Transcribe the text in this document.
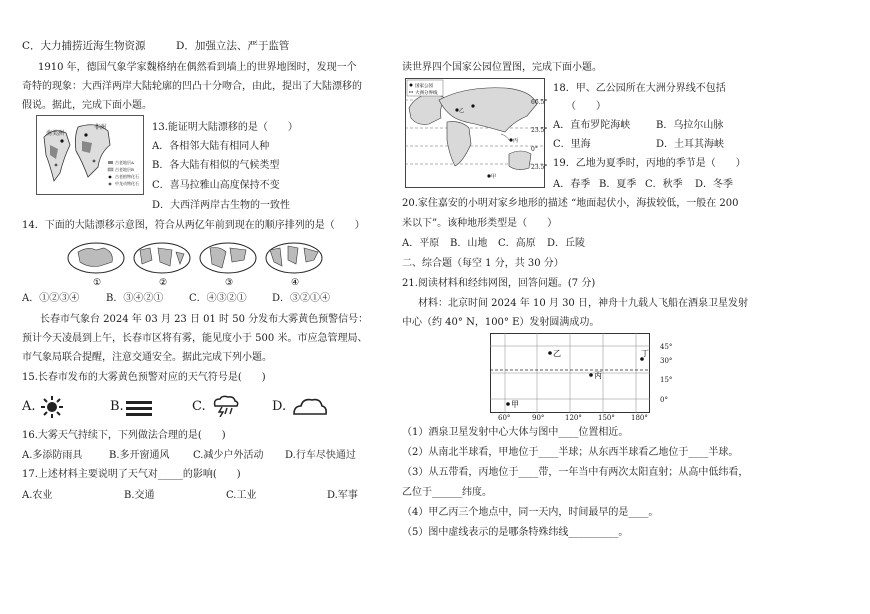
C．大力捕捞近海生物资源	D．加强立法、严于监管
1910 年，德国气象学家魏格纳在偶然看到墙上的世界地图时，发现一个
奇特的现象：大西洋两岸大陆轮廓的凹凸十分吻合，由此，提出了大陆漂移的
假说。据此，完成下面小题。
南美洲
非洲
古老地层A
古老地层B
古老植物化石
中龙动物化石
13.能证明大陆漂移的是（　　）
A．各相邻大陆有相同人种
B．各大陆有相似的气候类型
C．喜马拉雅山高度保持不变
D．大西洋两岸古生物的一致性
14．下面的大陆漂移示意图，符合从两亿年前到现在的顺序排列的是（　　）
①	②	③	④
A．①②③④	B．③④②①	C．④③②①	D．③②①④
长春市气象台 2024 年 03 月 23 日 01 时 50 分发布大雾黄色预警信号：
预计今天凌晨到上午，长春市区将有雾，能见度小于 500 米。市应急管理局、
市气象局联合提醒，注意交通安全。据此完成下列小题。
15.长春市发布的大雾黄色预警对应的天气符号是(　　)
A.	B.	C.	D.
16.大雾天气持续下，下列做法合理的是(　　)
A.多添防雨具	B.多开窗通风 C.减少户外活动 D.行车尽快通过
17.上述材料主要说明了天气对_____的影响(　　)
A.农业	B.交通	C.工业	D.军事
读世界四个国家公园位置图，完成下面小题。
国家公园
大洲分界线
乙
丙
甲
66.5°
23.5°
0°
23.5°
18．甲、乙公园所在大洲分界线不包括
（　　）
A．直布罗陀海峡	B．乌拉尔山脉
C．里海	D．土耳其海峡
19．乙地为夏季时，丙地的季节是（　　）
A．春季 B．夏季 C．秋季 D．冬季
20.家住嘉安的小明对家乡地形的描述 “地面起伏小，海拔较低，一般在 200
米以下”。该种地形类型是（　　）
A．平原 B．山地 C．高原 D．丘陵
二、综合题（每空 1 分，共 30 分）
21.阅读材料和经纬网图，回答问题。(7 分)
材料：北京时间 2024 年 10 月 30 日，神舟十九载人飞船在酒泉卫星发射
中心（约 40° N，100° E）发射圆满成功。
乙
丙
丁
甲
45°
30°
15°
0°
60°	90°	120° 150° 180°
（1）酒泉卫星发射中心大体与图中____位置相近。
（2）从南北半球看，甲地位于____半球；从东西半球看乙地位于____半球。
（3）从五带看，丙地位于____带，一年当中有两次太阳直射；从高中低纬看，
乙位于______纬度。
（4）甲乙丙三个地点中，同一天内，时间最早的是____。
（5）图中虚线表示的是哪条特殊纬线__________。
